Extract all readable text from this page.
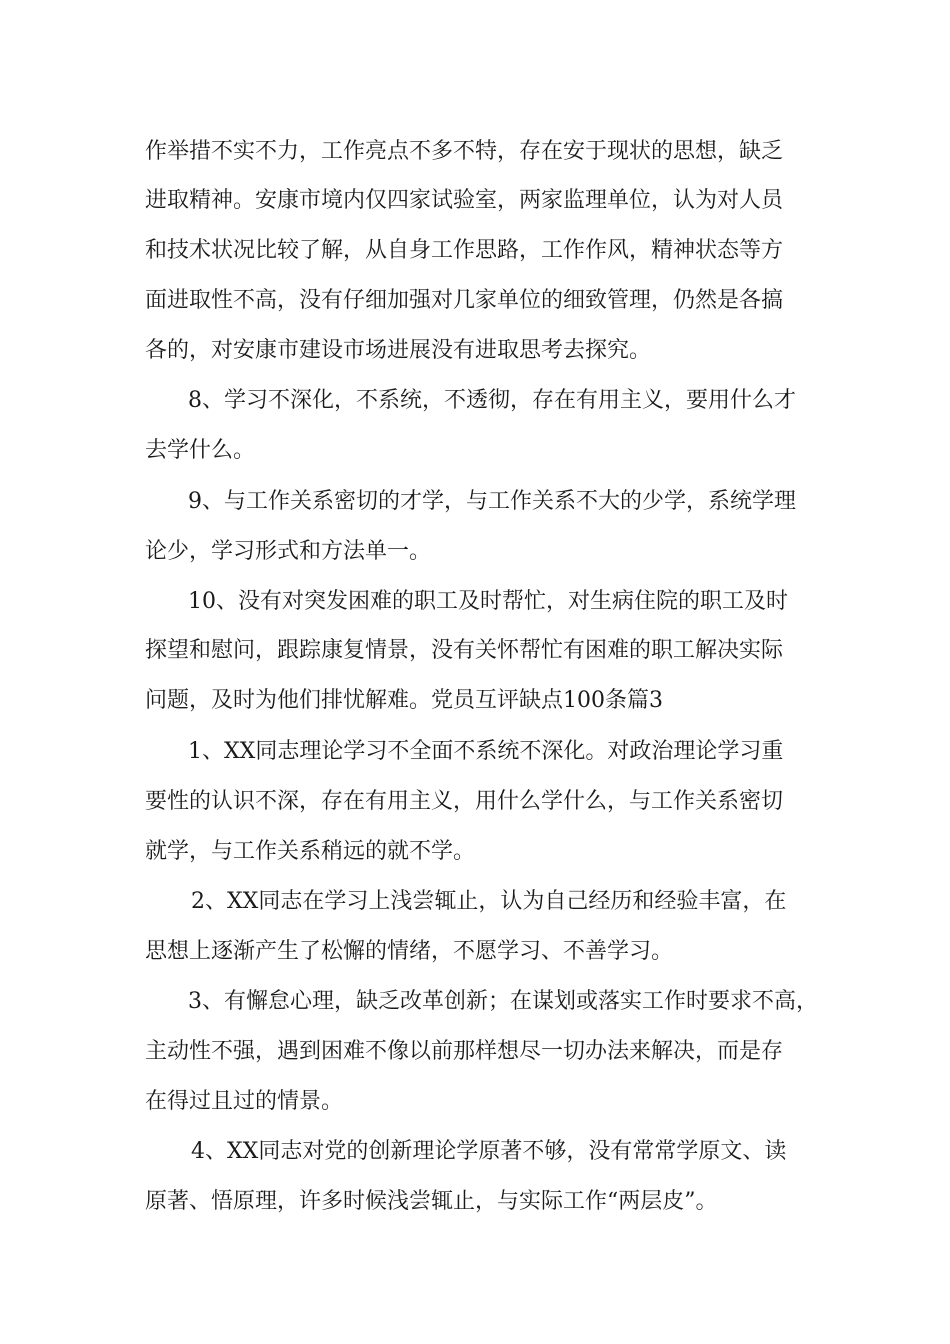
作举措不实不力，工作亮点不多不特，存在安于现状的思想，缺乏
进取精神。安康市境内仅四家试验室，两家监理单位，认为对人员
和技术状况比较了解，从自身工作思路，工作作风，精神状态等方
面进取性不高，没有仔细加强对几家单位的细致管理，仍然是各搞
各的，对安康市建设市场进展没有进取思考去探究。
8、学习不深化，不系统，不透彻，存在有用主义，要用什么才
去学什么。
9、与工作关系密切的才学，与工作关系不大的少学，系统学理
论少，学习形式和方法单一。
10、没有对突发困难的职工及时帮忙，对生病住院的职工及时
探望和慰问，跟踪康复情景，没有关怀帮忙有困难的职工解决实际
问题，及时为他们排忧解难。党员互评缺点100条篇3
1、XX同志理论学习不全面不系统不深化。对政治理论学习重
要性的认识不深，存在有用主义，用什么学什么，与工作关系密切
就学，与工作关系稍远的就不学。
2、XX同志在学习上浅尝辄止，认为自己经历和经验丰富，在
思想上逐渐产生了松懈的情绪，不愿学习、不善学习。
3、有懈怠心理，缺乏改革创新；在谋划或落实工作时要求不高，
主动性不强，遇到困难不像以前那样想尽一切办法来解决，而是存
在得过且过的情景。
4、XX同志对党的创新理论学原著不够，没有常常学原文、读
原著、悟原理，许多时候浅尝辄止，与实际工作“两层皮”。
